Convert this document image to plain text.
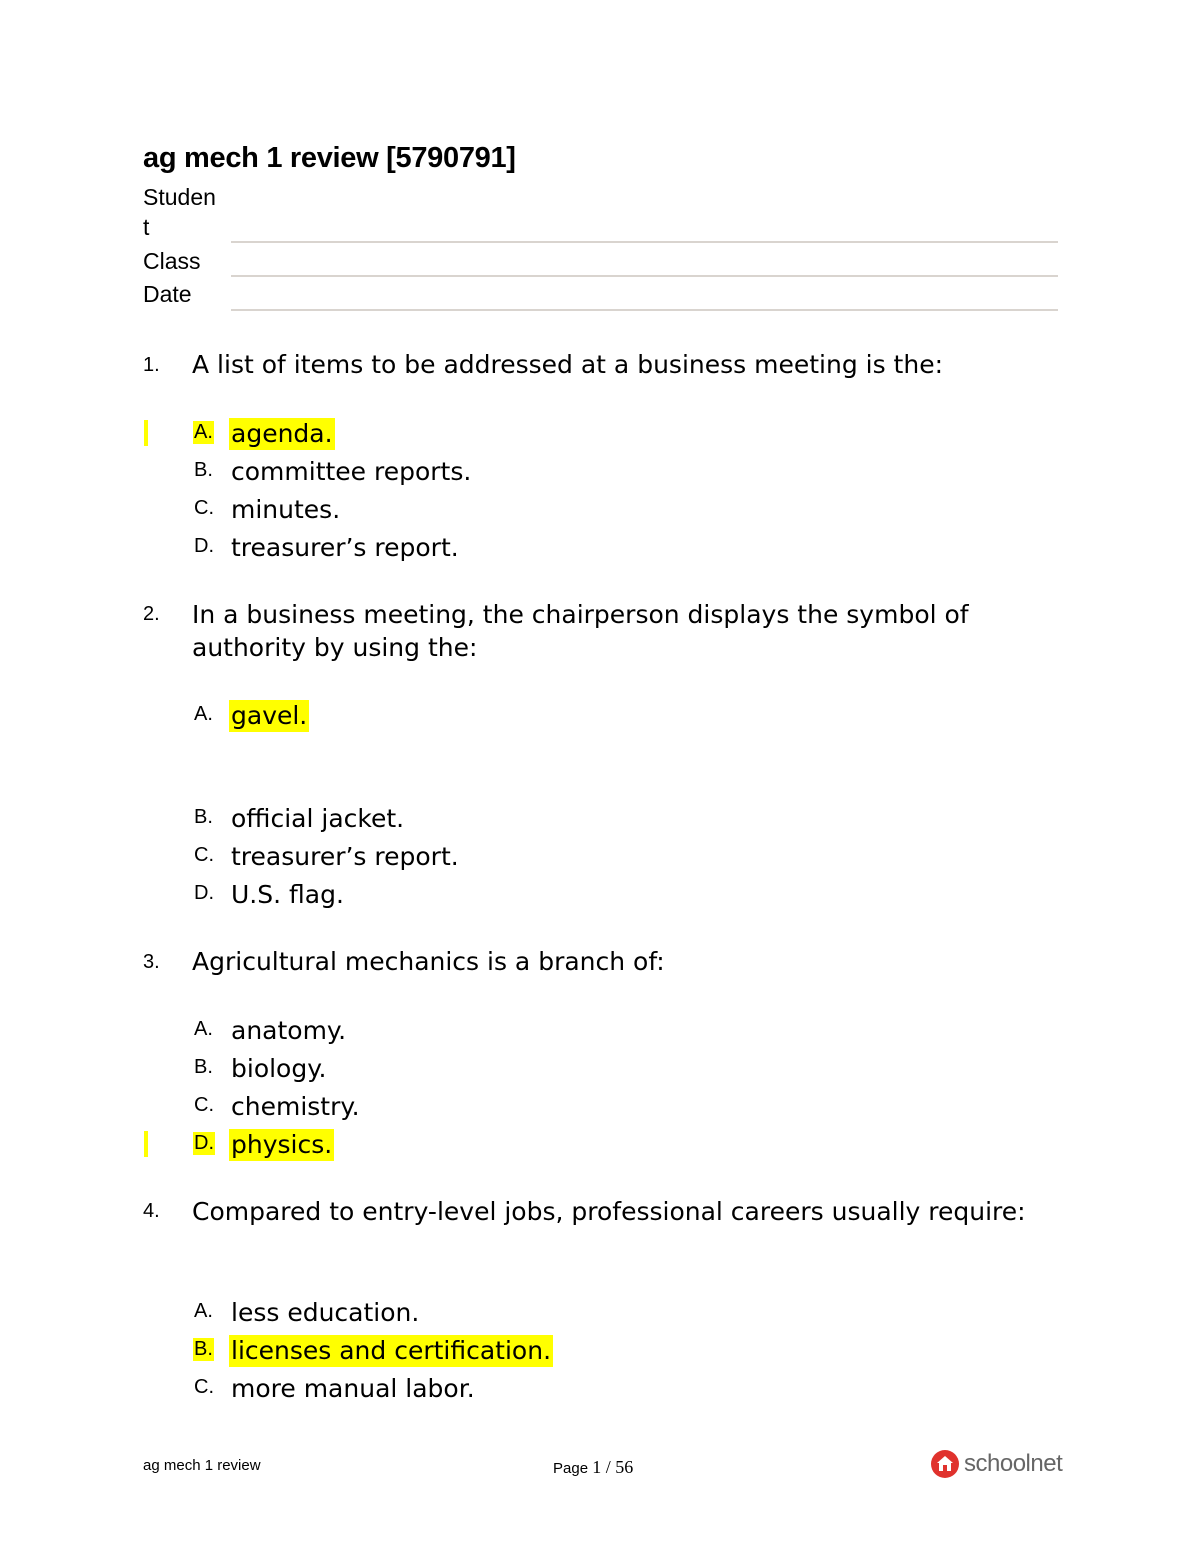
ag mech 1 review [5790791]
Studen
t
Class
Date
1. A list of items to be addressed at a business meeting is the:
A. agenda.
B. committee reports.
C. minutes.
D. treasurer’s report.
2. In a business meeting, the chairperson displays the symbol of authority by using the:
A. gavel.
B. official jacket.
C. treasurer’s report.
D. U.S. flag.
3. Agricultural mechanics is a branch of:
A. anatomy.
B. biology.
C. chemistry.
D. physics.
4. Compared to entry-level jobs, professional careers usually require:
A. less education.
B. licenses and certification.
C. more manual labor.
ag mech 1 review	Page 1 / 56	schoolnet
